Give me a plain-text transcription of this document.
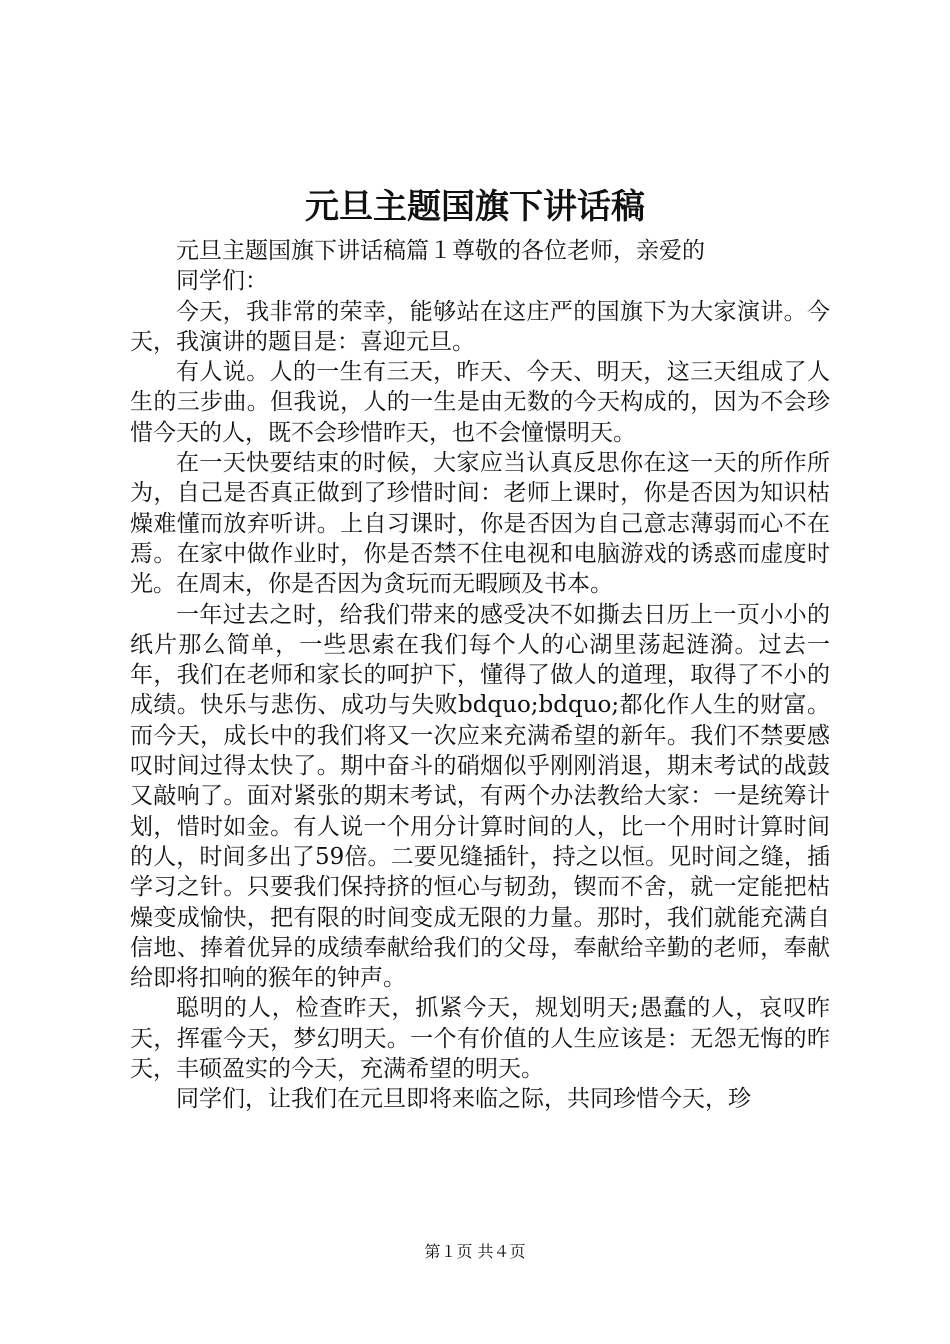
元旦主题国旗下讲话稿
元旦主题国旗下讲话稿篇１尊敬的各位老师，亲爱的
同学们：

今天，我非常的荣幸，能够站在这庄严的国旗下为大家演讲。今天，我演讲的题目是：喜迎元旦。

有人说。人的一生有三天，昨天、今天、明天，这三天组成了人生的三步曲。但我说，人的一生是由无数的今天构成的，因为不会珍惜今天的人，既不会珍惜昨天，也不会憧憬明天。

在一天快要结束的时候，大家应当认真反思你在这一天的所作所为，自己是否真正做到了珍惜时间：老师上课时，你是否因为知识枯燥难懂而放弃听讲。上自习课时，你是否因为自己意志薄弱而心不在焉。在家中做作业时，你是否禁不住电视和电脑游戏的诱惑而虚度时光。在周末，你是否因为贪玩而无暇顾及书本。

一年过去之时，给我们带来的感受决不如撕去日历上一页小小的纸片那么简单，一些思索在我们每个人的心湖里荡起涟漪。过去一年，我们在老师和家长的呵护下，懂得了做人的道理，取得了不小的成绩。快乐与悲伤、成功与失败bdquo;bdquo;都化作人生的财富。而今天，成长中的我们将又一次应来充满希望的新年。我们不禁要感叹时间过得太快了。期中奋斗的硝烟似乎刚刚消退，期末考试的战鼓又敲响了。面对紧张的期末考试，有两个办法教给大家：一是统筹计划，惜时如金。有人说一个用分计算时间的人，比一个用时计算时间的人，时间多出了59倍。二要见缝插针，持之以恒。见时间之缝，插学习之针。只要我们保持挤的恒心与韧劲，锲而不舍，就一定能把枯燥变成愉快，把有限的时间变成无限的力量。那时，我们就能充满自信地、捧着优异的成绩奉献给我们的父母，奉献给辛勤的老师，奉献给即将扣响的猴年的钟声。

聪明的人，检查昨天，抓紧今天，规划明天;愚蠢的人，哀叹昨天，挥霍今天，梦幻明天。一个有价值的人生应该是：无怨无悔的昨天，丰硕盈实的今天，充满希望的明天。

同学们，让我们在元旦即将来临之际，共同珍惜今天，珍

第１页 共４页
